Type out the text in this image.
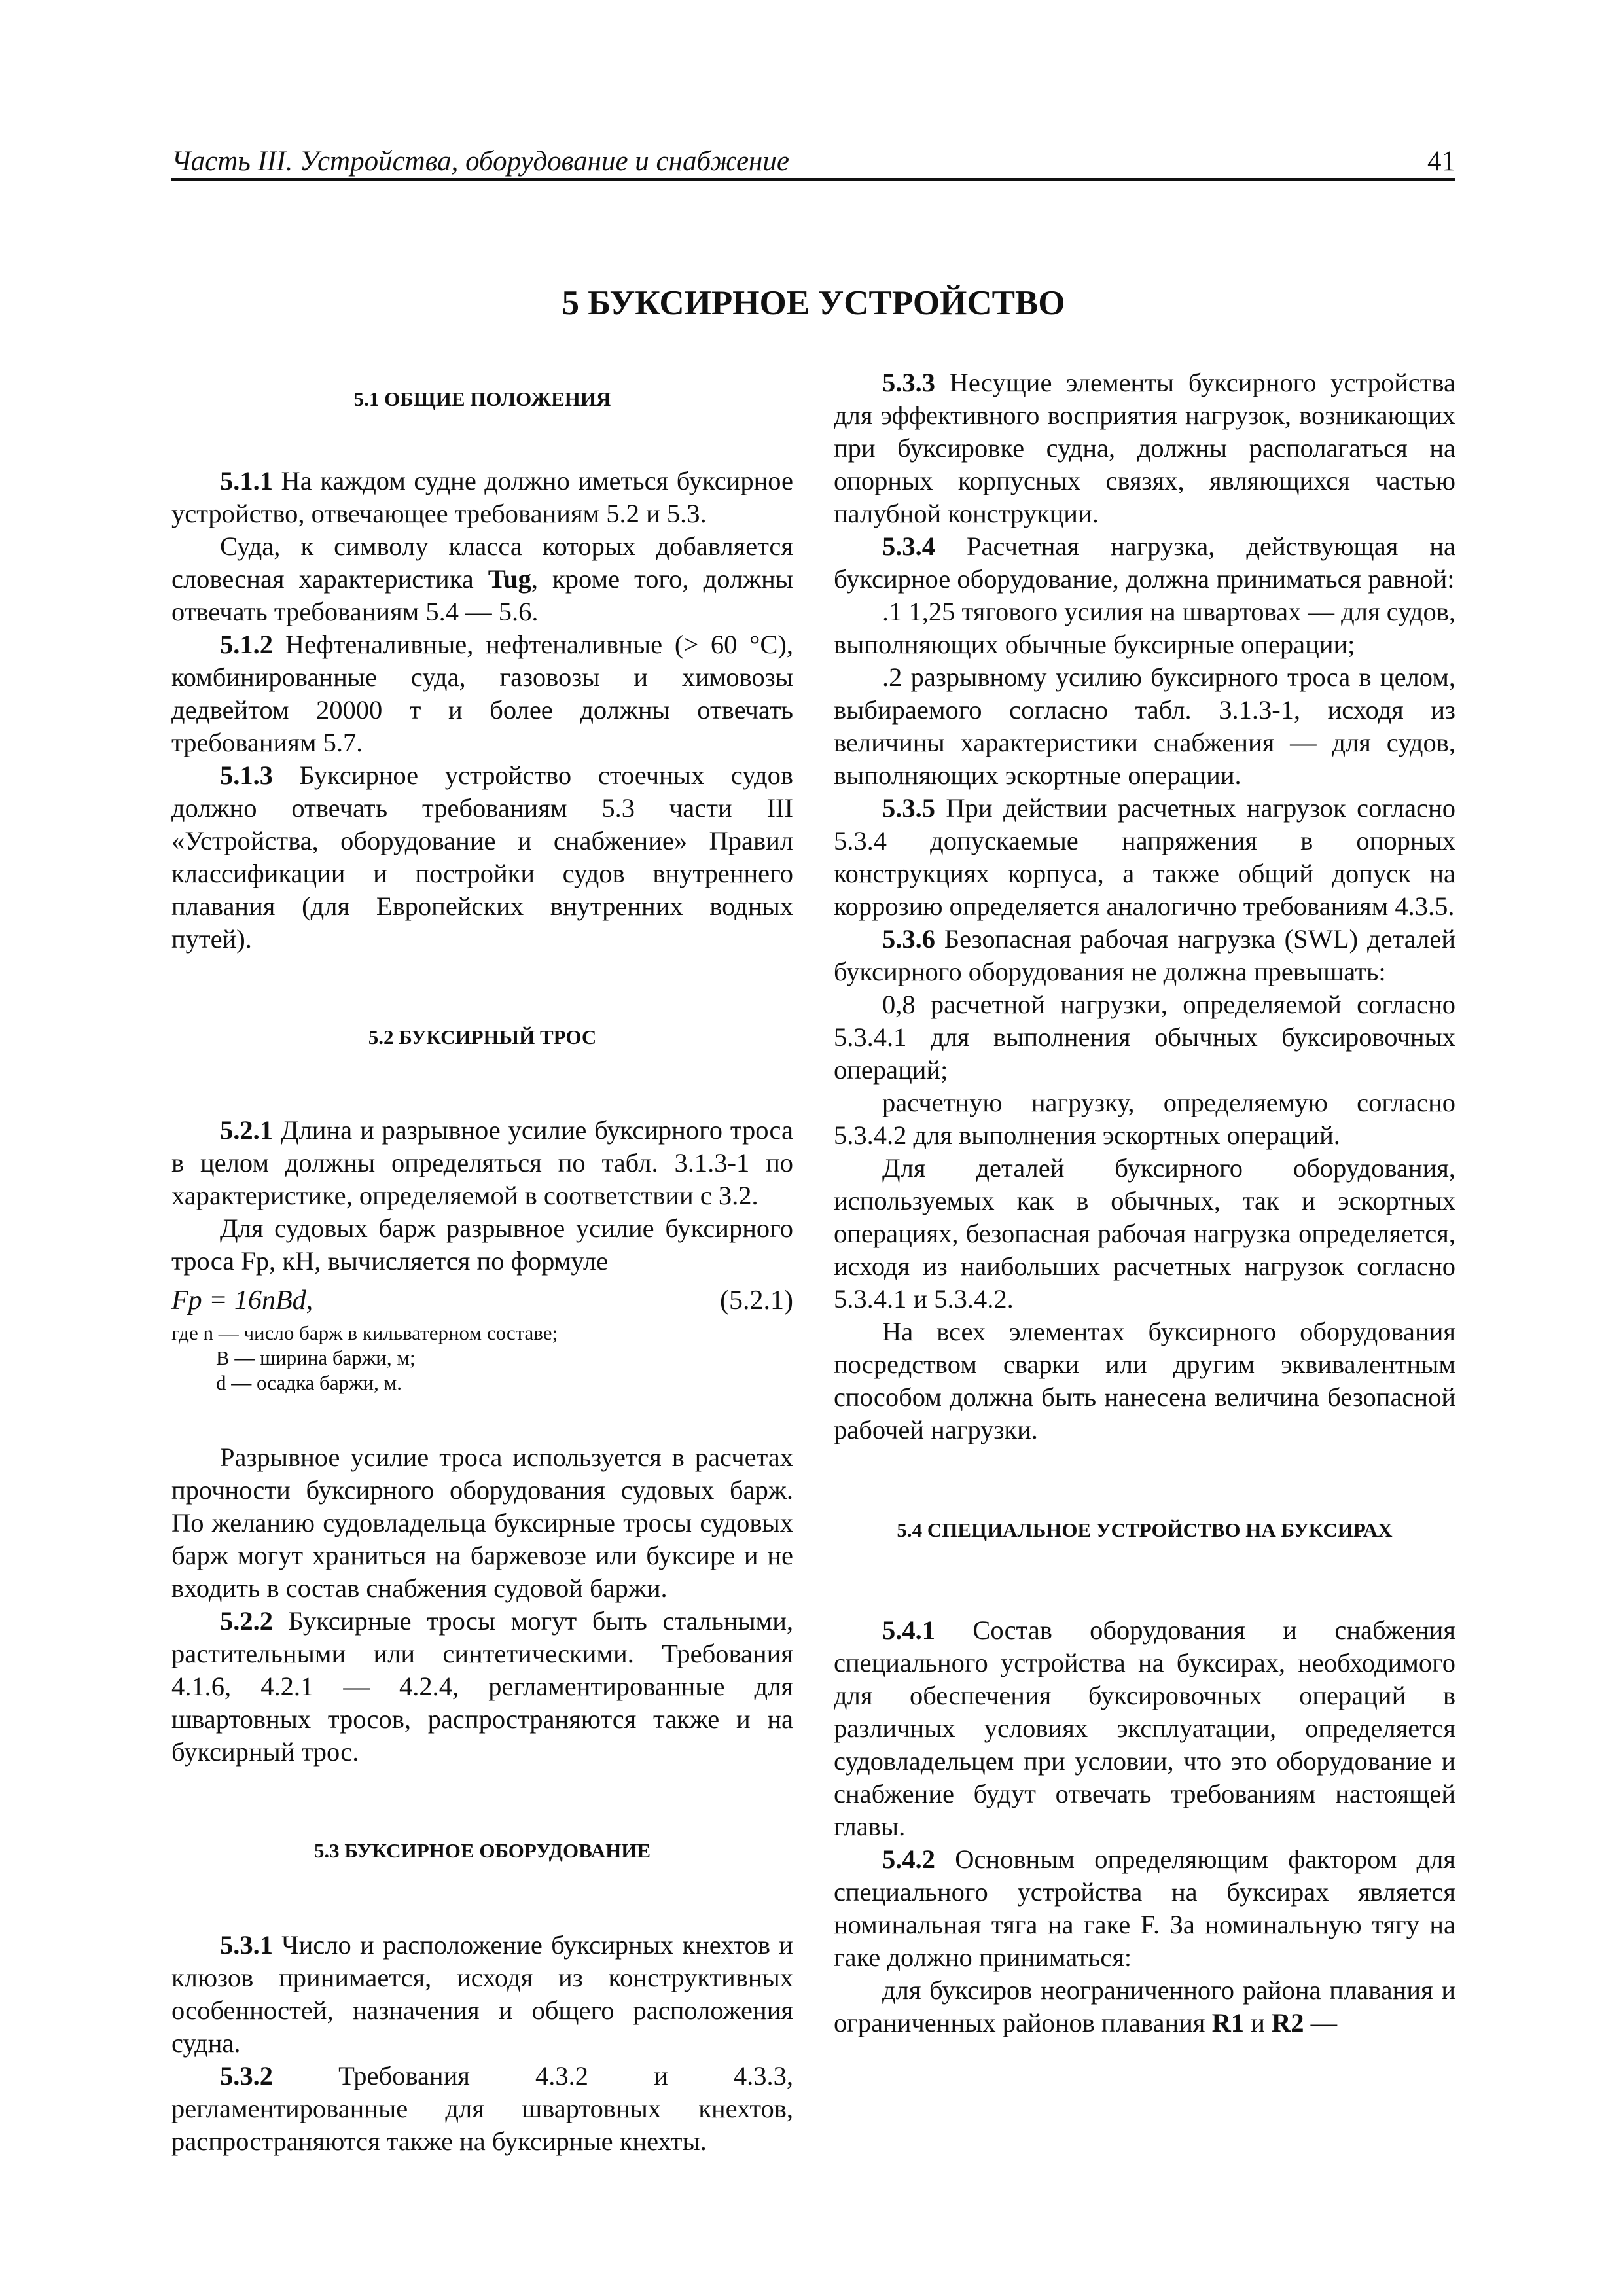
Часть III. Устройства, оборудование и снабжение	41
5 БУКСИРНОЕ УСТРОЙСТВО
5.1 ОБЩИЕ ПОЛОЖЕНИЯ

5.1.1 На каждом судне должно иметься буксирное устройство, отвечающее требованиям 5.2 и 5.3.

Суда, к символу класса которых добавляется словесная характеристика Tug, кроме того, должны отвечать требованиям 5.4 — 5.6.

5.1.2 Нефтеналивные, нефтеналивные (> 60 °C), комбинированные суда, газовозы и химовозы дедвейтом 20000 т и более должны отвечать требованиям 5.7.

5.1.3 Буксирное устройство стоечных судов должно отвечать требованиям 5.3 части III «Устройства, оборудование и снабжение» Правил классификации и постройки судов внутреннего плавания (для Европейских внутренних водных путей).

5.2 БУКСИРНЫЙ ТРОС

5.2.1 Длина и разрывное усилие буксирного троса в целом должны определяться по табл. 3.1.3-1 по характеристике, определяемой в соответствии с 3.2.

Для судовых барж разрывное усилие буксирного троса Fр, кН, вычисляется по формуле

Fр = 16nBd,	(5.2.1)
где n — число барж в кильватерном составе;
B — ширина баржи, м;
d — осадка баржи, м.

Разрывное усилие троса используется в расчетах прочности буксирного оборудования судовых барж. По желанию судовладельца буксирные тросы судовых барж могут храниться на баржевозе или буксире и не входить в состав снабжения судовой баржи.

5.2.2 Буксирные тросы могут быть стальными, растительными или синтетическими. Требования 4.1.6, 4.2.1 — 4.2.4, регламентированные для швартовных тросов, распространяются также и на буксирный трос.

5.3 БУКСИРНОЕ ОБОРУДОВАНИЕ

5.3.1 Число и расположение буксирных кнехтов и клюзов принимается, исходя из конструктивных особенностей, назначения и общего расположения судна.

5.3.2 Требования 4.3.2 и 4.3.3, регламентированные для швартовных кнехтов, распространяются также на буксирные кнехты.

5.3.3 Несущие элементы буксирного устройства для эффективного восприятия нагрузок, возникающих при буксировке судна, должны располагаться на опорных корпусных связях, являющихся частью палубной конструкции.

5.3.4 Расчетная нагрузка, действующая на буксирное оборудование, должна приниматься равной:

.1 1,25 тягового усилия на швартовах — для судов, выполняющих обычные буксирные операции;

.2 разрывному усилию буксирного троса в целом, выбираемого согласно табл. 3.1.3-1, исходя из величины характеристики снабжения — для судов, выполняющих эскортные операции.

5.3.5 При действии расчетных нагрузок согласно 5.3.4 допускаемые напряжения в опорных конструкциях корпуса, а также общий допуск на коррозию определяется аналогично требованиям 4.3.5.

5.3.6 Безопасная рабочая нагрузка (SWL) деталей буксирного оборудования не должна превышать:

0,8 расчетной нагрузки, определяемой согласно 5.3.4.1 для выполнения обычных буксировочных операций;

расчетную нагрузку, определяемую согласно 5.3.4.2 для выполнения эскортных операций.

Для деталей буксирного оборудования, используемых как в обычных, так и эскортных операциях, безопасная рабочая нагрузка определяется, исходя из наибольших расчетных нагрузок согласно 5.3.4.1 и 5.3.4.2.

На всех элементах буксирного оборудования посредством сварки или другим эквивалентным способом должна быть нанесена величина безопасной рабочей нагрузки.

5.4 СПЕЦИАЛЬНОЕ УСТРОЙСТВО НА БУКСИРАХ

5.4.1 Состав оборудования и снабжения специального устройства на буксирах, необходимого для обеспечения буксировочных операций в различных условиях эксплуатации, определяется судовладельцем при условии, что это оборудование и снабжение будут отвечать требованиям настоящей главы.

5.4.2 Основным определяющим фактором для специального устройства на буксирах является номинальная тяга на гаке F. За номинальную тягу на гаке должно приниматься:

для буксиров неограниченного района плавания и ограниченных районов плавания R1 и R2 —
